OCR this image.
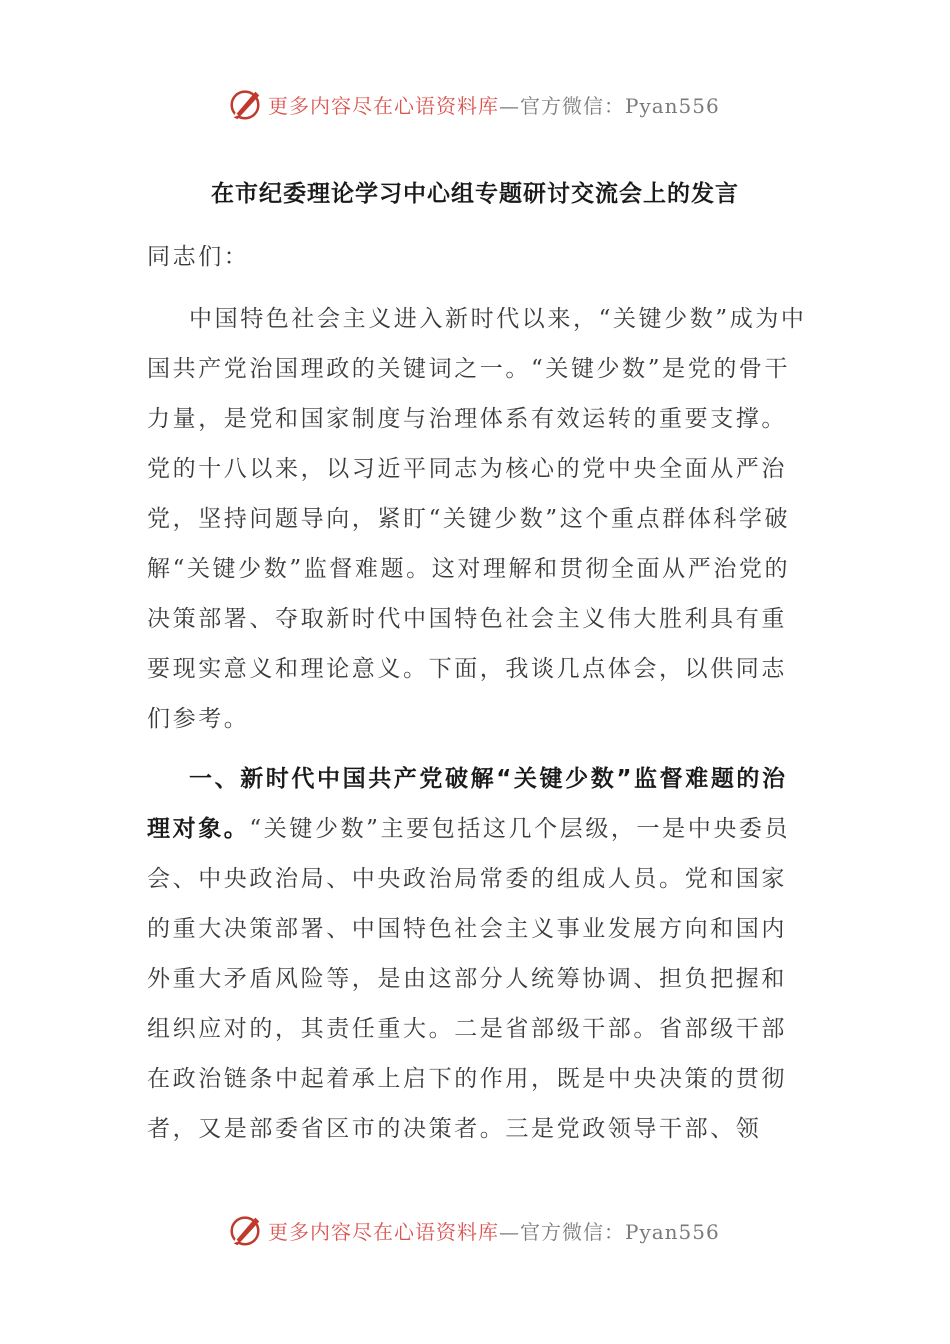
更多内容尽在心语资料库—官方微信：Pyan556
在市纪委理论学习中心组专题研讨交流会上的发言

同志们：

中国特色社会主义进入新时代以来，“关键少数”成为中国共产党治国理政的关键词之一。“关键少数”是党的骨干力量，是党和国家制度与治理体系有效运转的重要支撑。党的十八以来，以习近平同志为核心的党中央全面从严治党，坚持问题导向，紧盯“关键少数”这个重点群体科学破解“关键少数”监督难题。这对理解和贯彻全面从严治党的决策部署、夺取新时代中国特色社会主义伟大胜利具有重要现实意义和理论意义。下面，我谈几点体会，以供同志们参考。

一、新时代中国共产党破解“关键少数”监督难题的治理对象。“关键少数”主要包括这几个层级，一是中央委员会、中央政治局、中央政治局常委的组成人员。党和国家的重大决策部署、中国特色社会主义事业发展方向和国内外重大矛盾风险等，是由这部分人统筹协调、担负把握和组织应对的，其责任重大。二是省部级干部。省部级干部在政治链条中起着承上启下的作用，既是中央决策的贯彻者，又是部委省区市的决策者。三是党政领导干部、领

更多内容尽在心语资料库—官方微信：Pyan556
